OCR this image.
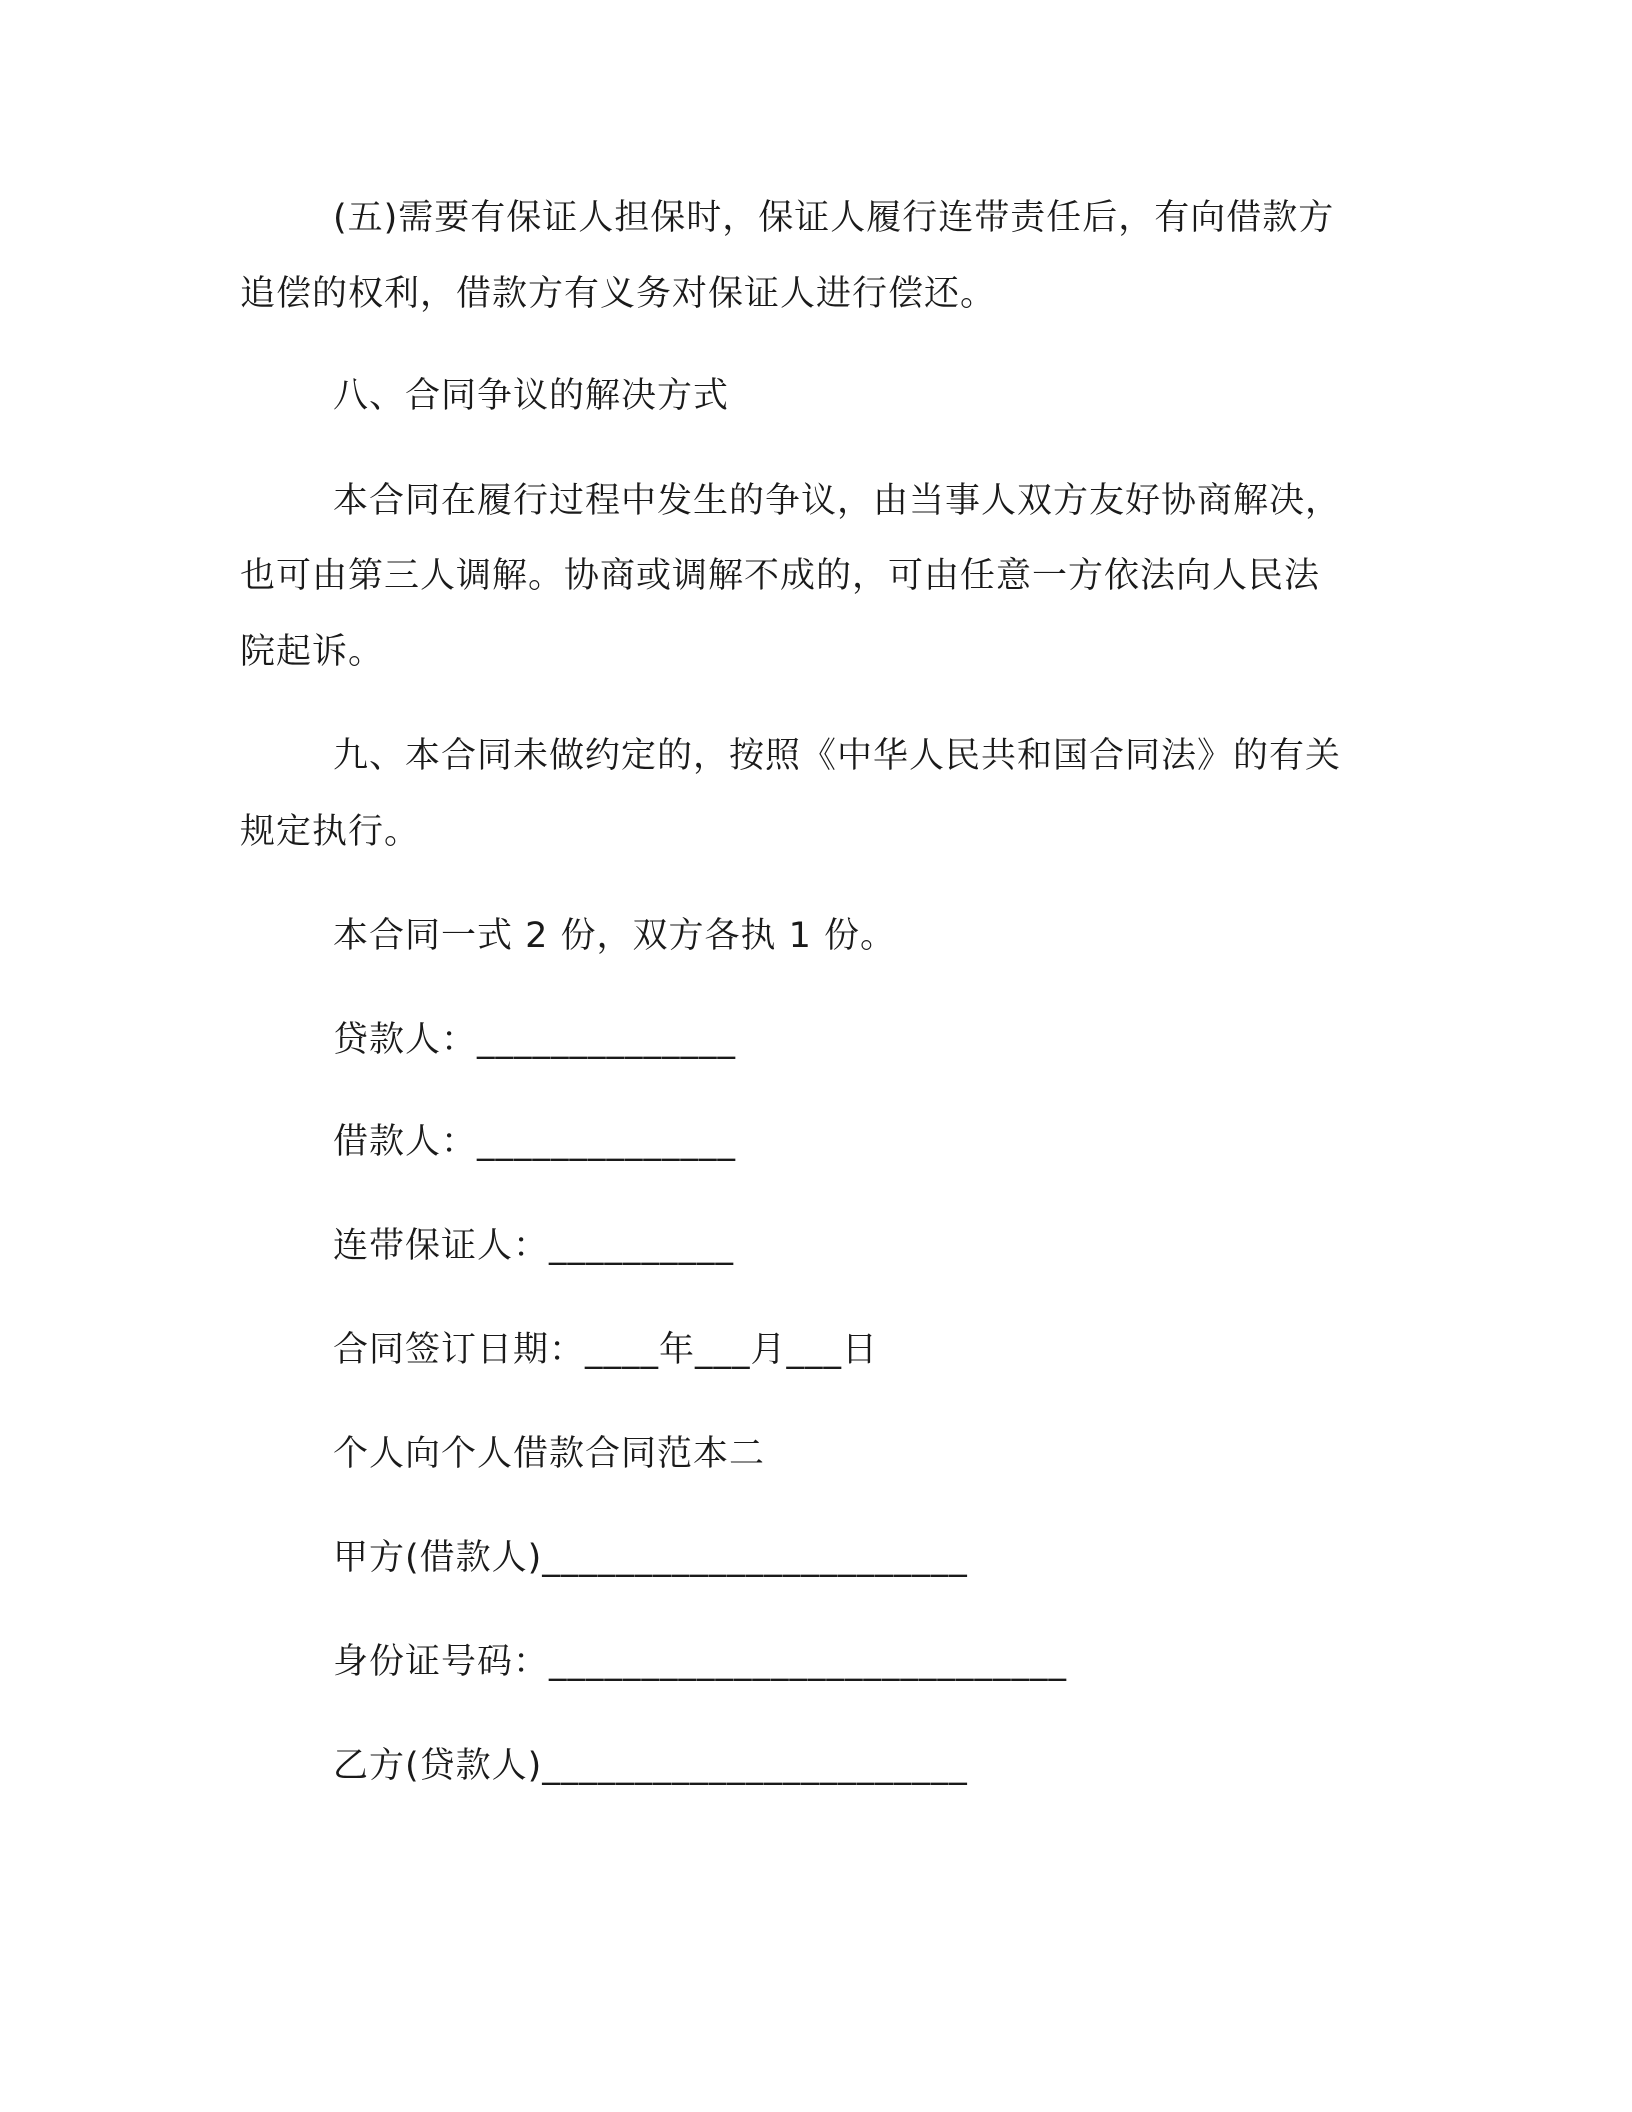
(五)需要有保证人担保时，保证人履行连带责任后，有向借款方
追偿的权利，借款方有义务对保证人进行偿还。
八、合同争议的解决方式
本合同在履行过程中发生的争议，由当事人双方友好协商解决，
也可由第三人调解。协商或调解不成的，可由任意一方依法向人民法
院起诉。
九、本合同未做约定的，按照《中华人民共和国合同法》的有关
规定执行。
本合同一式 2 份，双方各执 1 份。
贷款人：______________
借款人：______________
连带保证人：__________
合同签订日期：____年___月___日
个人向个人借款合同范本二
甲方(借款人)_______________________
身份证号码：____________________________
乙方(贷款人)_______________________
